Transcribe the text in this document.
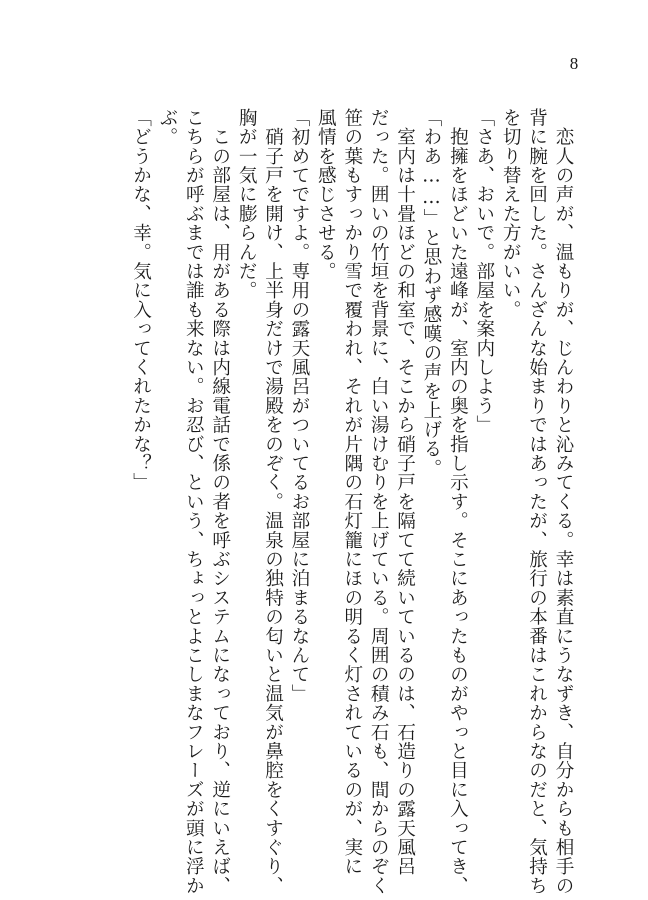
8

　恋人の声が、温もりが、じんわりと沁みてくる。幸は素直にうなずき、自分からも相手の

背に腕を回した。さんざんな始まりではあったが、旅行の本番はこれからなのだと、気持ち

を切り替えた方がいい。

「さあ、おいで。部屋を案内しよう」

　抱擁をほどいた遠峰が、室内の奥を指し示す。そこにあったものがやっと目に入ってき、

「わあ……」と思わず感嘆の声を上げる。

　室内は十畳ほどの和室で、そこから硝子戸を隔てて続いているのは、石造りの露天風呂

だった。囲いの竹垣を背景に、白い湯けむりを上げている。周囲の積み石も、間からのぞく

笹の葉もすっかり雪で覆われ、それが片隅の石灯籠にほの明るく灯されているのが、実に

風情を感じさせる。

「初めてですよ。専用の露天風呂がついてるお部屋に泊まるなんて」

　硝子戸を開け、上半身だけで湯殿をのぞく。温泉の独特の匂いと温気が鼻腔をくすぐり、

胸が一気に膨らんだ。

　この部屋は、用がある際は内線電話で係の者を呼ぶシステムになっており、逆にいえば、

こちらが呼ぶまでは誰も来ない。お忍び、という、ちょっとよこしまなフレーズが頭に浮か

ぶ。

「どうかな、幸。気に入ってくれたかな？」
